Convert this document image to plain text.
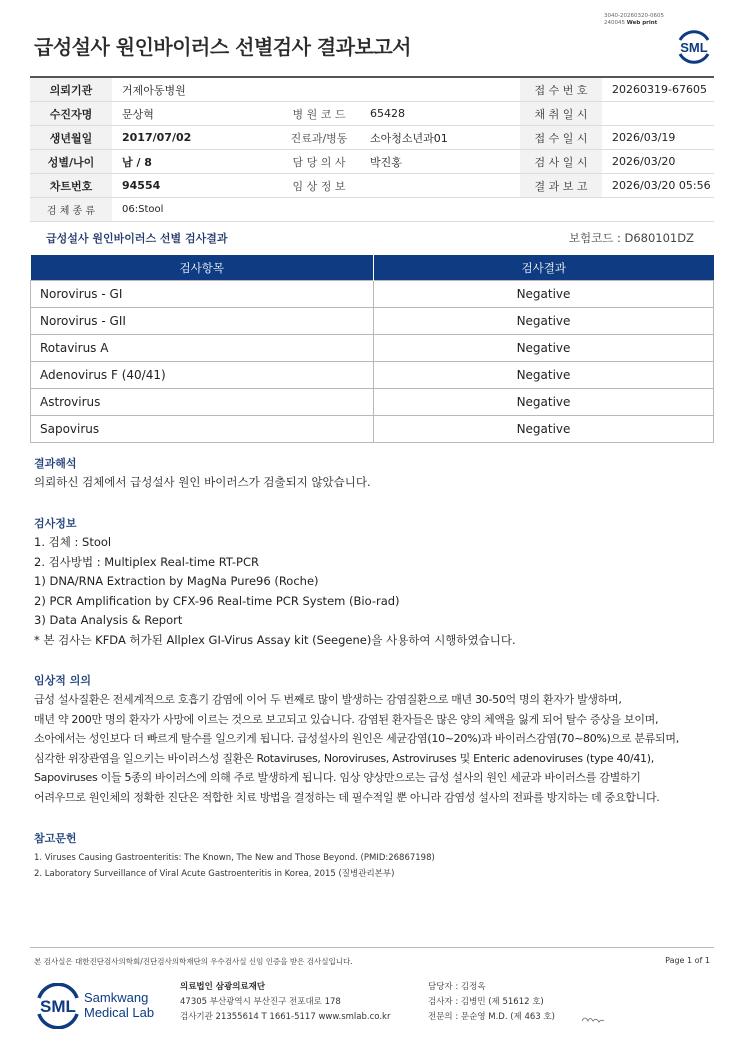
3040-20260320-0605
240045 Web print
급성설사 원인바이러스 선별검사 결과보고서	SML
의뢰기관	거제아동병원			접 수 번 호	20260319-67605
수진자명	문상혁	병 원 코 드	65428	채 취 일 시	
생년월일	2017/07/02	진료과/병동	소아청소년과01	접 수 일 시	2026/03/19
성별/나이	남 / 8	담 당 의 사	박진홍	검 사 일 시	2026/03/20
차트번호	94554	임 상 정 보		결 과 보 고	2026/03/20 05:56
검 체 종 류	06:Stool				
급성설사 원인바이러스 선별 검사결과	보험코드 : D680101DZ
검사항목	검사결과
Norovirus - GI	Negative
Norovirus - GII	Negative
Rotavirus A	Negative
Adenovirus F (40/41)	Negative
Astrovirus	Negative
Sapovirus	Negative
결과해석
의뢰하신 검체에서 급성설사 원인 바이러스가 검출되지 않았습니다.
검사정보
1. 검체 : Stool
2. 검사방법 : Multiplex Real-time RT-PCR
1) DNA/RNA Extraction by MagNa Pure96 (Roche)
2) PCR Amplification by CFX-96 Real-time PCR System (Bio-rad)
3) Data Analysis & Report
* 본 검사는 KFDA 허가된 Allplex GI-Virus Assay kit (Seegene)을 사용하여 시행하였습니다.
임상적 의의
급성 설사질환은 전세계적으로 호흡기 감염에 이어 두 번째로 많이 발생하는 감염질환으로 매년 30-50억 명의 환자가 발생하며,
매년 약 200만 명의 환자가 사망에 이르는 것으로 보고되고 있습니다. 감염된 환자들은 많은 양의 체액을 잃게 되어 탈수 증상을 보이며,
소아에서는 성인보다 더 빠르게 탈수를 일으키게 됩니다. 급성설사의 원인은 세균감염(10~20%)과 바이러스감염(70~80%)으로 분류되며,
심각한 위장관염을 일으키는 바이러스성 질환은 Rotaviruses, Noroviruses, Astroviruses 및 Enteric adenoviruses (type 40/41),
Sapoviruses 이들 5종의 바이러스에 의해 주로 발생하게 됩니다. 임상 양상만으로는 급성 설사의 원인 세균과 바이러스를 감별하기
어려우므로 원인체의 정확한 진단은 적합한 치료 방법을 결정하는 데 필수적일 뿐 아니라 감염성 설사의 전파를 방지하는 데 중요합니다.
참고문헌
1. Viruses Causing Gastroenteritis: The Known, The New and Those Beyond. (PMID:26867198)
2. Laboratory Surveillance of Viral Acute Gastroenteritis in Korea, 2015 (질병관리본부)
본 검사실은 대한진단검사의학회/진단검사의학재단의 우수검사실 신임 인증을 받은 검사실입니다.	Page 1 of 1
SML Samkwang
Medical Lab
의료법인 삼광의료재단
47305 부산광역시 부산진구 전포대로 178
검사기관 21355614 T 1661-5117 www.smlab.co.kr
담당자 : 김정옥
검사자 : 김병민 (제 51612 호)
전문의 : 문순영 M.D. (제 463 호)
